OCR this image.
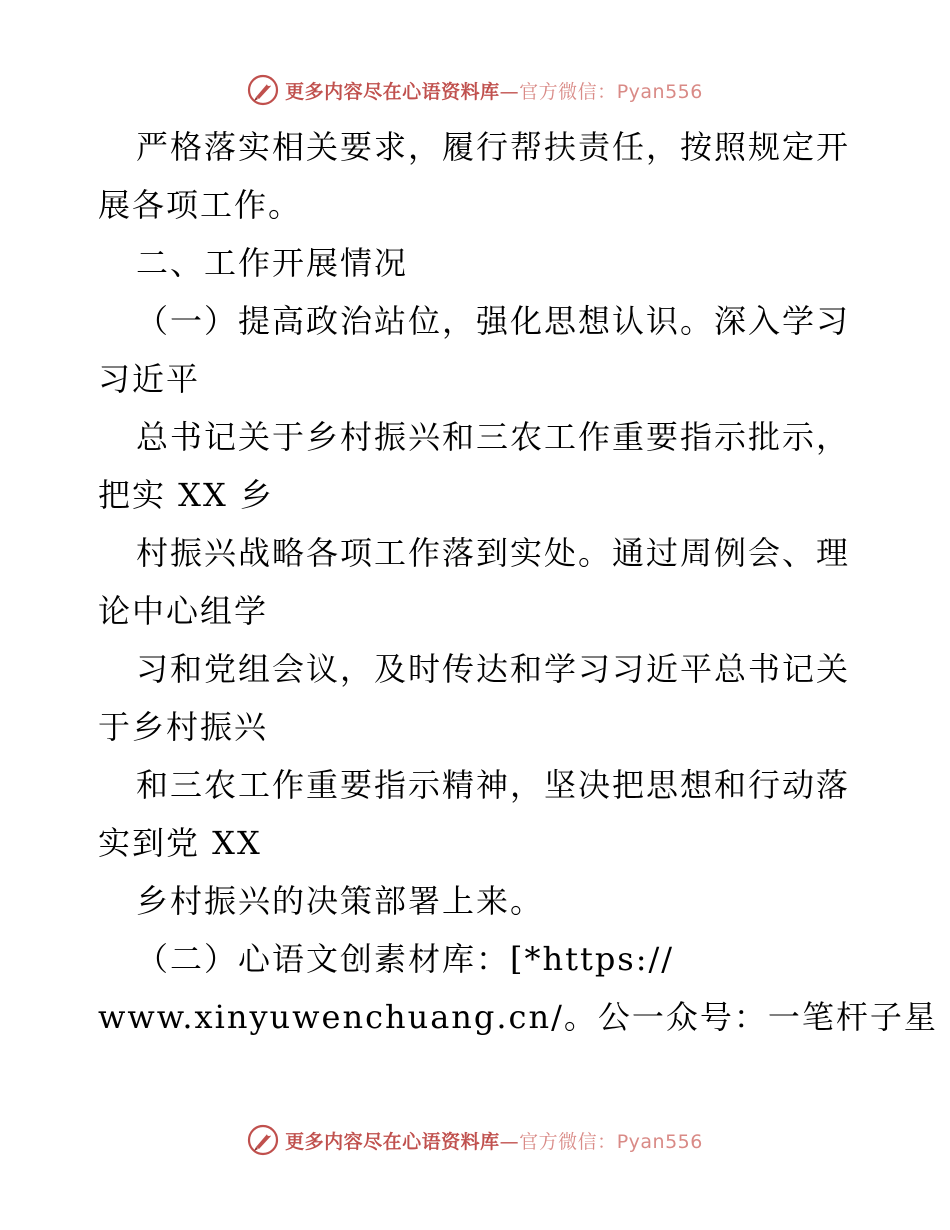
更多内容尽在心语资料库—官方微信：Pyan556
严格落实相关要求，履行帮扶责任，按照规定开
展各项工作。
二、工作开展情况
（一）提高政治站位，强化思想认识。深入学习
习近平
总书记关于乡村振兴和三农工作重要指示批示，
把实 XX 乡
村振兴战略各项工作落到实处。通过周例会、理
论中心组学
习和党组会议，及时传达和学习习近平总书记关
于乡村振兴
和三农工作重要指示精神，坚决把思想和行动落
实到党 XX
乡村振兴的决策部署上来。
（二）心语文创素材库：[*https://
www.xinyuwenchuang.cn/。公一众号：一笔杆子星
更多内容尽在心语资料库—官方微信：Pyan556
